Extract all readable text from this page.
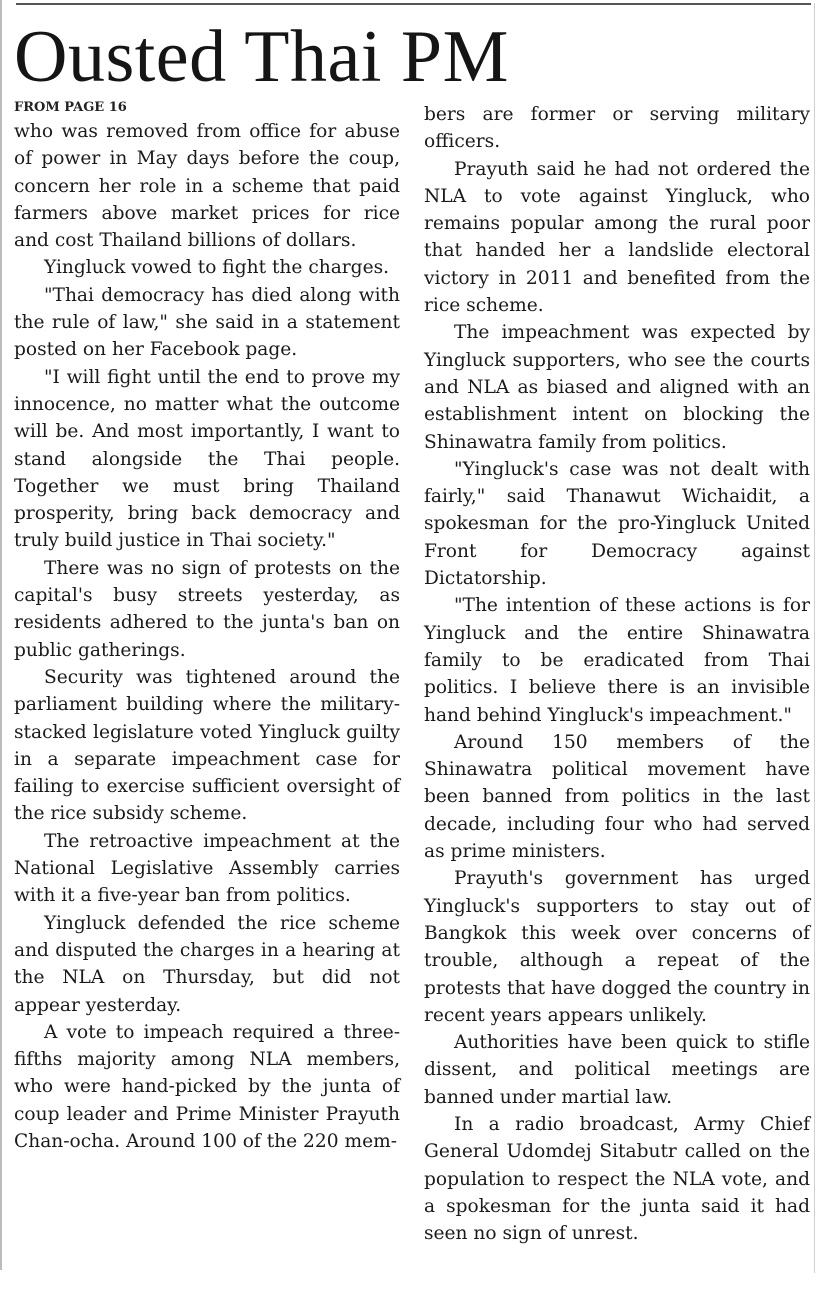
Ousted Thai PM

FROM PAGE 16

who was removed from office for abuse of power in May days before the coup, concern her role in a scheme that paid farmers above market prices for rice and cost Thailand billions of dollars.

Yingluck vowed to fight the charges.

"Thai democracy has died along with the rule of law," she said in a statement posted on her Facebook page.

"I will fight until the end to prove my innocence, no matter what the outcome will be. And most importantly, I want to stand alongside the Thai people. Together we must bring Thailand prosperity, bring back democracy and truly build justice in Thai society."

There was no sign of protests on the capital's busy streets yesterday, as residents adhered to the junta's ban on public gatherings.

Security was tightened around the parliament building where the military-stacked legislature voted Yingluck guilty in a separate impeachment case for failing to exercise sufficient oversight of the rice subsidy scheme.

The retroactive impeachment at the National Legislative Assembly carries with it a five-year ban from politics.

Yingluck defended the rice scheme and disputed the charges in a hearing at the NLA on Thursday, but did not appear yesterday.

A vote to impeach required a three-fifths majority among NLA members, who were hand-picked by the junta of coup leader and Prime Minister Prayuth Chan-ocha. Around 100 of the 220 mem-

bers are former or serving military officers.

Prayuth said he had not ordered the NLA to vote against Yingluck, who remains popular among the rural poor that handed her a landslide electoral victory in 2011 and benefited from the rice scheme.

The impeachment was expected by Yingluck supporters, who see the courts and NLA as biased and aligned with an establishment intent on blocking the Shinawatra family from politics.

"Yingluck's case was not dealt with fairly," said Thanawut Wichaidit, a spokesman for the pro-Yingluck United Front for Democracy against Dictatorship.

"The intention of these actions is for Yingluck and the entire Shinawatra family to be eradicated from Thai politics. I believe there is an invisible hand behind Yingluck's impeachment."

Around 150 members of the Shinawatra political movement have been banned from politics in the last decade, including four who had served as prime ministers.

Prayuth's government has urged Yingluck's supporters to stay out of Bangkok this week over concerns of trouble, although a repeat of the protests that have dogged the country in recent years appears unlikely.

Authorities have been quick to stifle dissent, and political meetings are banned under martial law.

In a radio broadcast, Army Chief General Udomdej Sitabutr called on the population to respect the NLA vote, and a spokesman for the junta said it had seen no sign of unrest.
